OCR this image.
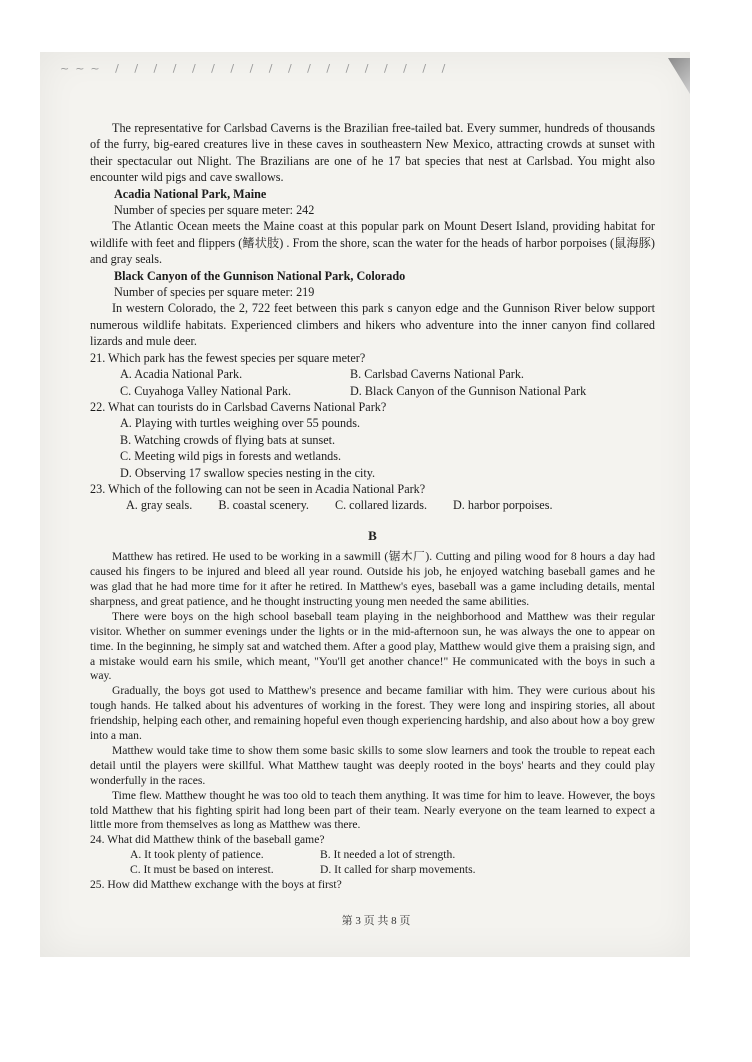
~~~ / / / / / / / / / / / / / / / / / /

The representative for Carlsbad Caverns is the Brazilian free-tailed bat. Every summer, hundreds of thousands of the furry, big-eared creatures live in these caves in southeastern New Mexico, attracting crowds at sunset with their spectacular out Nlight. The Brazilians are one of he 17 bat species that nest at Carlsbad. You might also encounter wild pigs and cave swallows.

Acadia National Park, Maine

Number of species per square meter: 242

The Atlantic Ocean meets the Maine coast at this popular park on Mount Desert Island, providing habitat for wildlife with feet and flippers (鳍状肢) . From the shore, scan the water for the heads of harbor porpoises (鼠海豚) and gray seals.

Black Canyon of the Gunnison National Park, Colorado

Number of species per square meter: 219

In western Colorado, the 2, 722 feet between this park s canyon edge and the Gunnison River below support numerous wildlife habitats. Experienced climbers and hikers who adventure into the inner canyon find collared lizards and mule deer.

21. Which park has the fewest species per square meter?

A. Acadia National Park.	B. Carlsbad Caverns National Park.
C. Cuyahoga Valley National Park.	D. Black Canyon of the Gunnison National Park

22. What can tourists do in Carlsbad Caverns National Park?

A. Playing with turtles weighing over 55 pounds.

B. Watching crowds of flying bats at sunset.

C. Meeting wild pigs in forests and wetlands.

D. Observing 17 swallow species nesting in the city.

23. Which of the following can not be seen in Acadia National Park?

A. gray seals. B. coastal scenery. C. collared lizards. D. harbor porpoises.
B

Matthew has retired. He used to be working in a sawmill (锯木厂). Cutting and piling wood for 8 hours a day had caused his fingers to be injured and bleed all year round. Outside his job, he enjoyed watching baseball games and he was glad that he had more time for it after he retired. In Matthew's eyes, baseball was a game including details, mental sharpness, and great patience, and he thought instructing young men needed the same abilities.

There were boys on the high school baseball team playing in the neighborhood and Matthew was their regular visitor. Whether on summer evenings under the lights or in the mid-afternoon sun, he was always the one to appear on time. In the beginning, he simply sat and watched them. After a good play, Matthew would give them a praising sign, and a mistake would earn his smile, which meant, "You'll get another chance!" He communicated with the boys in such a way.

Gradually, the boys got used to Matthew's presence and became familiar with him. They were curious about his tough hands. He talked about his adventures of working in the forest. They were long and inspiring stories, all about friendship, helping each other, and remaining hopeful even though experiencing hardship, and also about how a boy grew into a man.

Matthew would take time to show them some basic skills to some slow learners and took the trouble to repeat each detail until the players were skillful. What Matthew taught was deeply rooted in the boys' hearts and they could play wonderfully in the races.

Time flew. Matthew thought he was too old to teach them anything. It was time for him to leave. However, the boys told Matthew that his fighting spirit had long been part of their team. Nearly everyone on the team learned to expect a little more from themselves as long as Matthew was there.

24. What did Matthew think of the baseball game?

A. It took plenty of patience.	B. It needed a lot of strength.
C. It must be based on interest.	D. It called for sharp movements.

25. How did Matthew exchange with the boys at first?

第 3 页 共 8 页
